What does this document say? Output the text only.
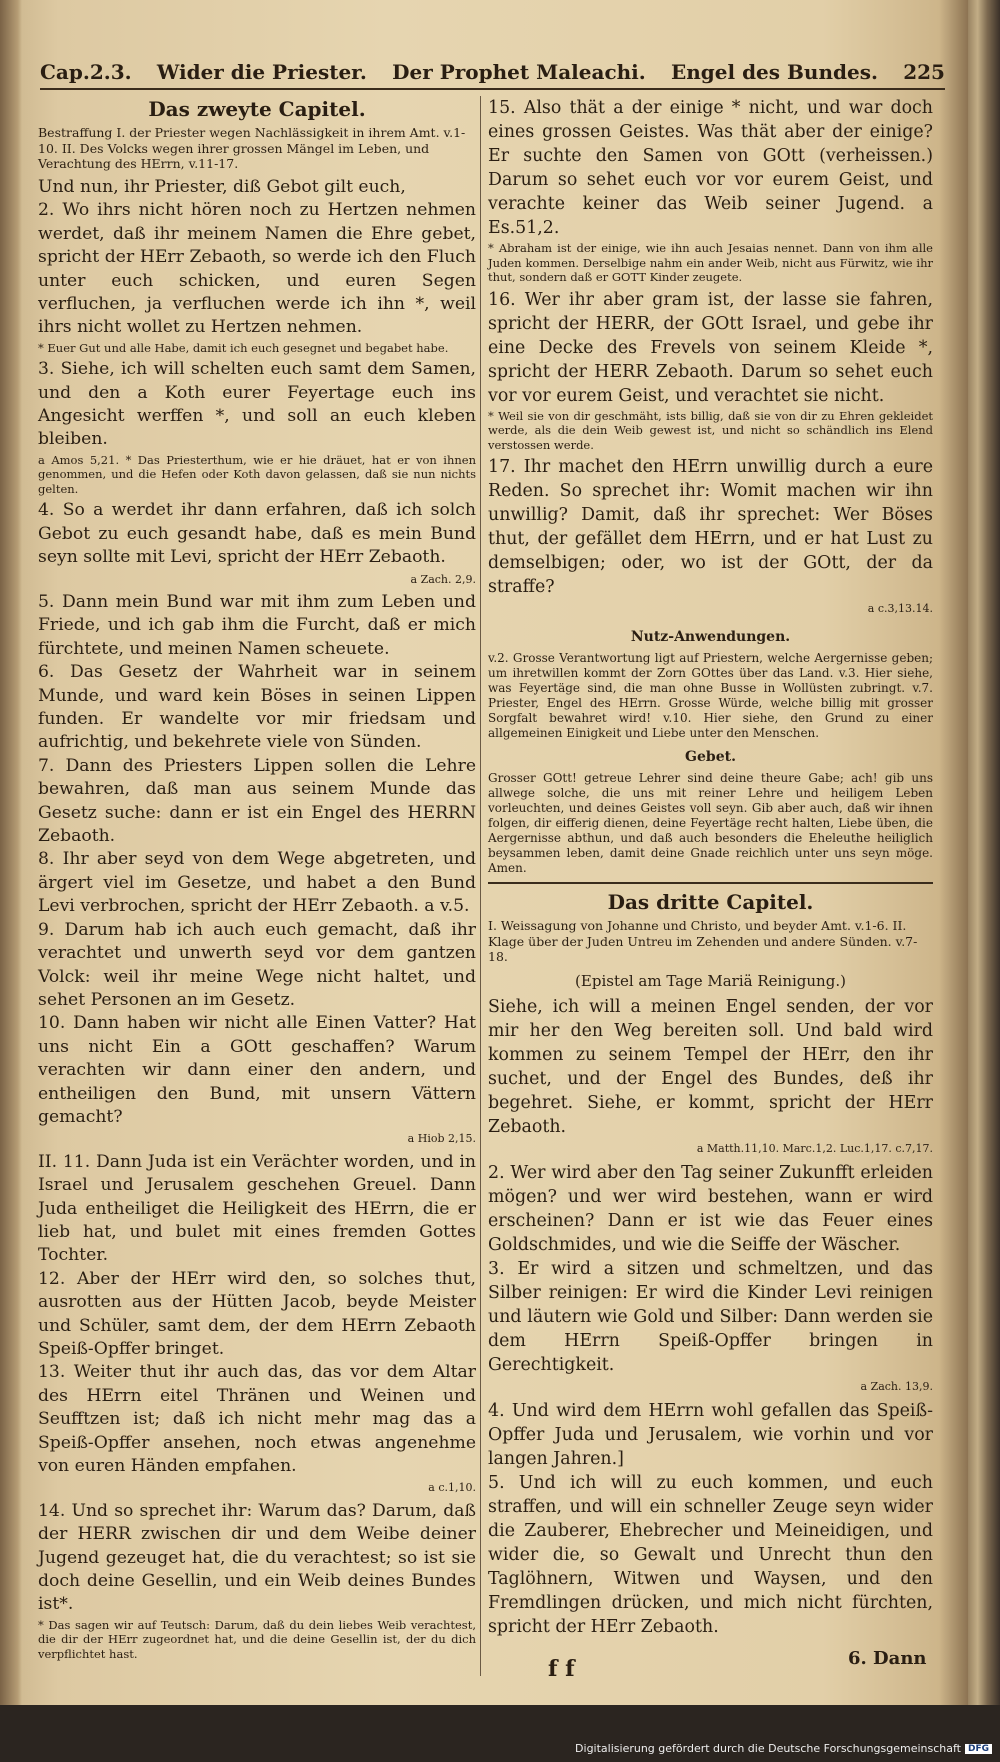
Cap.2.3. Wider die Priester. Der Prophet Maleachi. Engel des Bundes. 225
Das zweyte Capitel.
Bestraffung I. der Priester wegen Nachlässigkeit in ihrem Amt. v.1-10. II. Des Volcks wegen ihrer grossen Mängel im Leben, und Verachtung des HErrn, v.11-17.
Und nun, ihr Priester, diß Gebot gilt euch,
2. Wo ihrs nicht hören noch zu Hertzen nehmen werdet, daß ihr meinem Namen die Ehre gebet, spricht der HErr Zebaoth, so werde ich den Fluch unter euch schicken, und euren Segen verfluchen, ja verfluchen werde ich ihn *, weil ihrs nicht wollet zu Hertzen nehmen.
* Euer Gut und alle Habe, damit ich euch gesegnet und begabet habe.
3. Siehe, ich will schelten euch samt dem Samen, und den a Koth eurer Feyertage euch ins Angesicht werffen *, und soll an euch kleben bleiben.
a Amos 5,21. * Das Priesterthum, wie er hie dräuet, hat er von ihnen genommen, und die Hefen oder Koth davon gelassen, daß sie nun nichts gelten.
4. So a werdet ihr dann erfahren, daß ich solch Gebot zu euch gesandt habe, daß es mein Bund seyn sollte mit Levi, spricht der HErr Zebaoth.
a Zach. 2,9.
5. Dann mein Bund war mit ihm zum Leben und Friede, und ich gab ihm die Furcht, daß er mich fürchtete, und meinen Namen scheuete.
6. Das Gesetz der Wahrheit war in seinem Munde, und ward kein Böses in seinen Lippen funden. Er wandelte vor mir friedsam und aufrichtig, und bekehrete viele von Sünden.
7. Dann des Priesters Lippen sollen die Lehre bewahren, daß man aus seinem Munde das Gesetz suche: dann er ist ein Engel des HERRN Zebaoth.
8. Ihr aber seyd von dem Wege abgetreten, und ärgert viel im Gesetze, und habet a den Bund Levi verbrochen, spricht der HErr Zebaoth. a v.5.
9. Darum hab ich auch euch gemacht, daß ihr verachtet und unwerth seyd vor dem gantzen Volck: weil ihr meine Wege nicht haltet, und sehet Personen an im Gesetz.
10. Dann haben wir nicht alle Einen Vatter? Hat uns nicht Ein a GOtt geschaffen? Warum verachten wir dann einer den andern, und entheiligen den Bund, mit unsern Vättern gemacht?
a Hiob 2,15.
II. 11. Dann Juda ist ein Verächter worden, und in Israel und Jerusalem geschehen Greuel. Dann Juda entheiliget die Heiligkeit des HErrn, die er lieb hat, und bulet mit eines fremden Gottes Tochter.
12. Aber der HErr wird den, so solches thut, ausrotten aus der Hütten Jacob, beyde Meister und Schüler, samt dem, der dem HErrn Zebaoth Speiß-Opffer bringet.
13. Weiter thut ihr auch das, das vor dem Altar des HErrn eitel Thränen und Weinen und Seufftzen ist; daß ich nicht mehr mag das a Speiß-Opffer ansehen, noch etwas angenehme von euren Händen empfahen.
a c.1,10.
14. Und so sprechet ihr: Warum das? Darum, daß der HERR zwischen dir und dem Weibe deiner Jugend gezeuget hat, die du verachtest; so ist sie doch deine Gesellin, und ein Weib deines Bundes ist*.
* Das sagen wir auf Teutsch: Darum, daß du dein liebes Weib verachtest, die dir der HErr zugeordnet hat, und die deine Gesellin ist, der du dich verpflichtet hast.
15. Also thät a der einige * nicht, und war doch eines grossen Geistes. Was thät aber der einige? Er suchte den Samen von GOtt (verheissen.) Darum so sehet euch vor vor eurem Geist, und verachte keiner das Weib seiner Jugend. a Es.51,2.
* Abraham ist der einige, wie ihn auch Jesaias nennet. Dann von ihm alle Juden kommen. Derselbige nahm ein ander Weib, nicht aus Fürwitz, wie ihr thut, sondern daß er GOTT Kinder zeugete.
16. Wer ihr aber gram ist, der lasse sie fahren, spricht der HERR, der GOtt Israel, und gebe ihr eine Decke des Frevels von seinem Kleide *, spricht der HERR Zebaoth. Darum so sehet euch vor vor eurem Geist, und verachtet sie nicht.
* Weil sie von dir geschmäht, ists billig, daß sie von dir zu Ehren gekleidet werde, als die dein Weib gewest ist, und nicht so schändlich ins Elend verstossen werde.
17. Ihr machet den HErrn unwillig durch a eure Reden. So sprechet ihr: Womit machen wir ihn unwillig? Damit, daß ihr sprechet: Wer Böses thut, der gefället dem HErrn, und er hat Lust zu demselbigen; oder, wo ist der GOtt, der da straffe?
a c.3,13.14.
Nutz-Anwendungen.
v.2. Grosse Verantwortung ligt auf Priestern, welche Aergernisse geben; um ihretwillen kommt der Zorn GOttes über das Land. v.3. Hier siehe, was Feyertäge sind, die man ohne Busse in Wollüsten zubringt. v.7. Priester, Engel des HErrn. Grosse Würde, welche billig mit grosser Sorgfalt bewahret wird! v.10. Hier siehe, den Grund zu einer allgemeinen Einigkeit und Liebe unter den Menschen.
Gebet.
Grosser GOtt! getreue Lehrer sind deine theure Gabe; ach! gib uns allwege solche, die uns mit reiner Lehre und heiligem Leben vorleuchten, und deines Geistes voll seyn. Gib aber auch, daß wir ihnen folgen, dir eifferig dienen, deine Feyertäge recht halten, Liebe üben, die Aergernisse abthun, und daß auch besonders die Eheleuthe heiliglich beysammen leben, damit deine Gnade reichlich unter uns seyn möge. Amen.
Das dritte Capitel.
I. Weissagung von Johanne und Christo, und beyder Amt. v.1-6. II. Klage über der Juden Untreu im Zehenden und andere Sünden. v.7-18.
(Epistel am Tage Mariä Reinigung.)
Siehe, ich will a meinen Engel senden, der vor mir her den Weg bereiten soll. Und bald wird kommen zu seinem Tempel der HErr, den ihr suchet, und der Engel des Bundes, deß ihr begehret. Siehe, er kommt, spricht der HErr Zebaoth.
a Matth.11,10. Marc.1,2. Luc.1,17. c.7,17.
2. Wer wird aber den Tag seiner Zukunfft erleiden mögen? und wer wird bestehen, wann er wird erscheinen? Dann er ist wie das Feuer eines Goldschmides, und wie die Seiffe der Wäscher.
3. Er wird a sitzen und schmeltzen, und das Silber reinigen: Er wird die Kinder Levi reinigen und läutern wie Gold und Silber: Dann werden sie dem HErrn Speiß-Opffer bringen in Gerechtigkeit.
a Zach. 13,9.
4. Und wird dem HErrn wohl gefallen das Speiß-Opffer Juda und Jerusalem, wie vorhin und vor langen Jahren.]
5. Und ich will zu euch kommen, und euch straffen, und will ein schneller Zeuge seyn wider die Zauberer, Ehebrecher und Meineidigen, und wider die, so Gewalt und Unrecht thun den Taglöhnern, Witwen und Waysen, und den Fremdlingen drücken, und mich nicht fürchten, spricht der HErr Zebaoth.
f f	6. Dann
Digitalisierung gefördert durch die Deutsche Forschungsgemeinschaft DFG
